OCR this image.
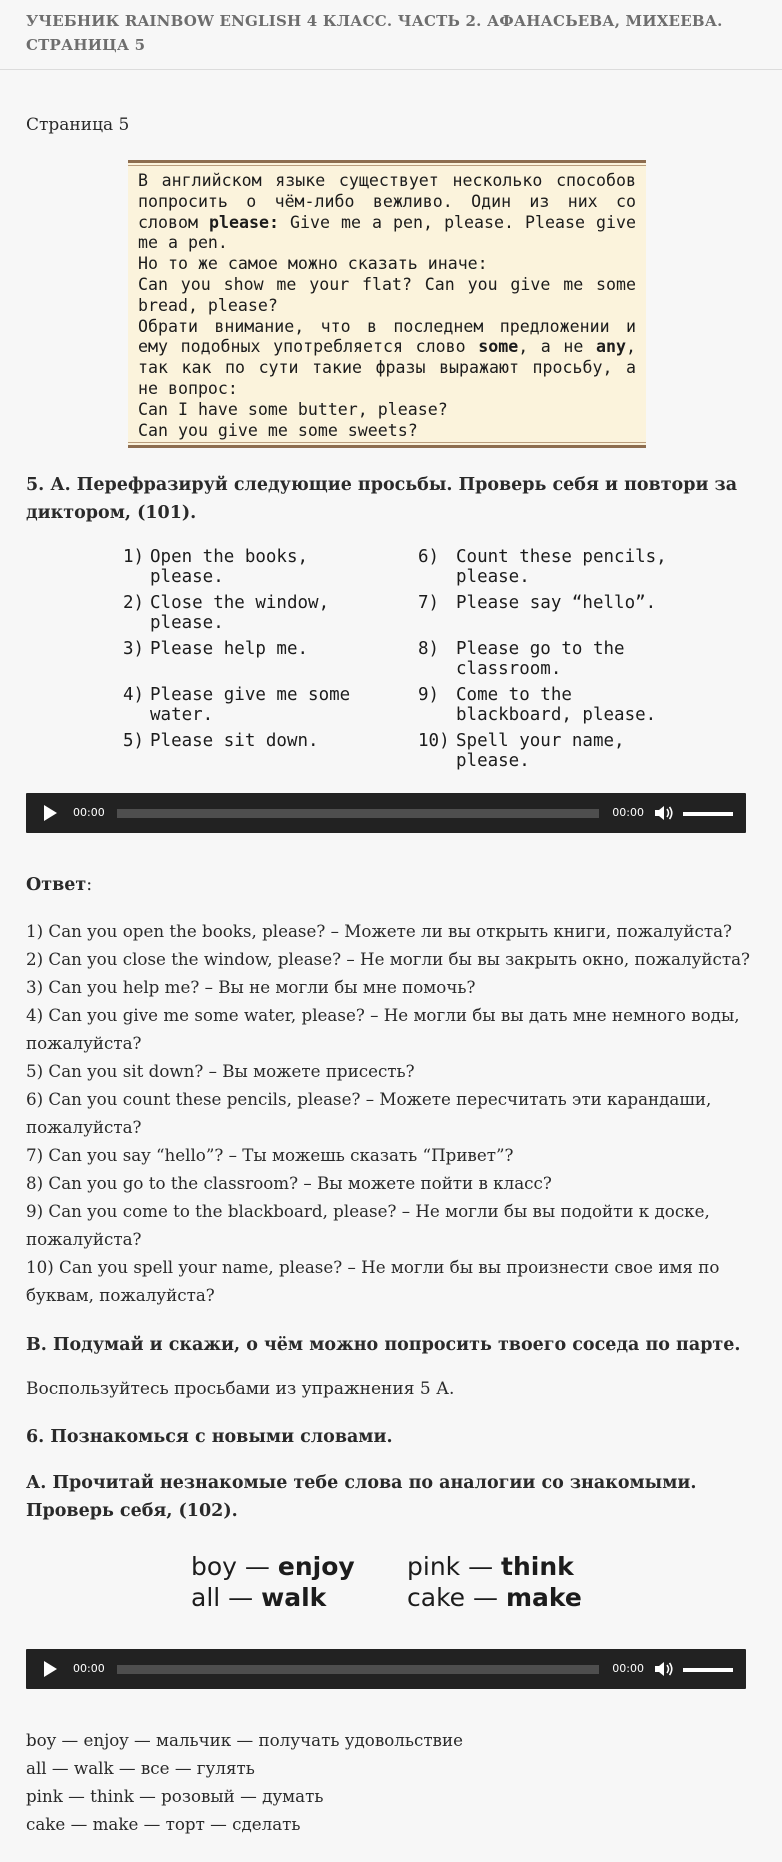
УЧЕБНИК RAINBOW ENGLISH 4 КЛАСС. ЧАСТЬ 2. АФАНАСЬЕВА, МИХЕЕВА. СТРАНИЦА 5

Страница 5

В английском языке существует несколько способов попросить о чём-либо вежливо. Один из них со словом please: Give me a pen, please. Please give me a pen.

Но то же самое можно сказать иначе:

Can you show me your flat? Can you give me some bread, please?

Обрати внимание, что в последнем предложении и ему подобных употребляется слово some, а не any, так как по сути такие фразы выражают просьбу, а не вопрос:

Can I have some butter, please?

Can you give me some sweets?

5. А. Перефразируй следующие просьбы. Проверь себя и повтори за диктором, (101).

1) Open the books, please.
2) Close the window, please.
3) Please help me.
4) Please give me some water.
5) Please sit down.
6) Count these pencils, please.
7) Please say “hello”.
8) Please go to the classroom.
9) Come to the blackboard, please.
10) Spell your name, please.
00:00	00:00

Ответ:

1) Can you open the books, please? – Можете ли вы открыть книги, пожалуйста?
2) Can you close the window, please? – Не могли бы вы закрыть окно, пожалуйста?
3) Can you help me? – Вы не могли бы мне помочь?
4) Can you give me some water, please? – Не могли бы вы дать мне немного воды, пожалуйста?
5) Can you sit down? – Вы можете присесть?
6) Can you count these pencils, please? – Можете пересчитать эти карандаши, пожалуйста?
7) Can you say “hello”? – Ты можешь сказать “Привет”?
8) Can you go to the classroom? – Вы можете пойти в класс?
9) Can you come to the blackboard, please? – Не могли бы вы подойти к доске, пожалуйста?
10) Can you spell your name, please? – Не могли бы вы произнести свое имя по буквам, пожалуйста?

В. Подумай и скажи, о чём можно попросить твоего соседа по парте.

Воспользуйтесь просьбами из упражнения 5 А.

6. Познакомься с новыми словами.

А. Прочитай незнакомые тебе слова по аналогии со знакомыми. Проверь себя, (102).

boy — enjoy
all — walk
pink — think
cake — make
00:00	00:00
boy — enjoy — мальчик — получать удовольствие
all — walk — все — гулять
pink — think — розовый — думать
cake — make — торт — сделать
